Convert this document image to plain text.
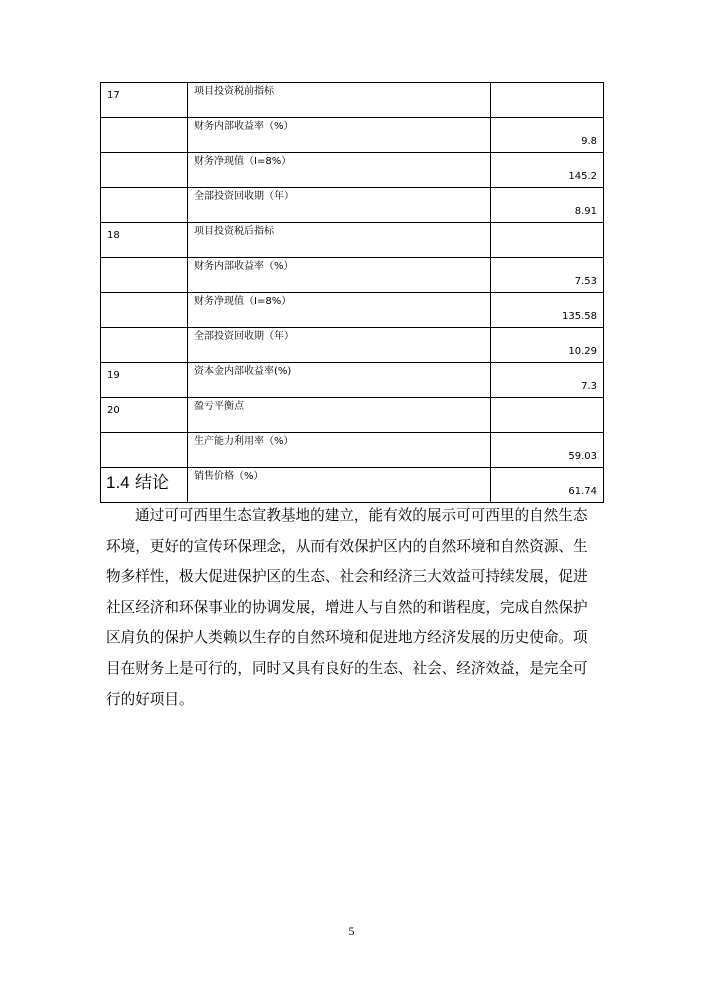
17	项目投资税前指标	
	财务内部收益率（%）	9.8
	财务净现值（I=8%）	145.2
	全部投资回收期（年）	8.91
18	项目投资税后指标	
	财务内部收益率（%）	7.53
	财务净现值（I=8%）	135.58
	全部投资回收期（年）	10.29
19	资本金内部收益率(%)	7.3
20	盈亏平衡点	
	生产能力利用率（%）	59.03
	销售价格（%）	61.74
1.4 结论

通过可可西里生态宣教基地的建立，能有效的展示可可西里的自然生态环境，更好的宣传环保理念，从而有效保护区内的自然环境和自然资源、生物多样性，极大促进保护区的生态、社会和经济三大效益可持续发展，促进社区经济和环保事业的协调发展，增进人与自然的和谐程度，完成自然保护区肩负的保护人类赖以生存的自然环境和促进地方经济发展的历史使命。项目在财务上是可行的，同时又具有良好的生态、社会、经济效益，是完全可行的好项目。

5
